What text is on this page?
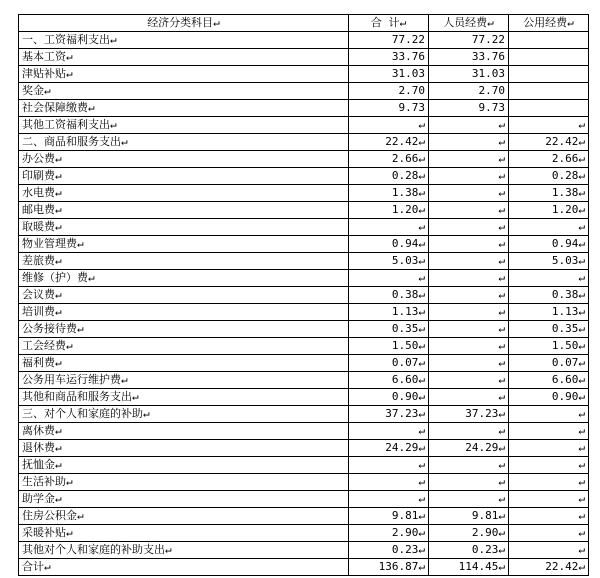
经济分类科目↵	合 计↵	人员经费↵	公用经费↵
一、工资福利支出↵	77.22	77.22	
基本工资↵	33.76	33.76	
津贴补贴↵	31.03	31.03	
奖金↵	2.70	2.70	
社会保障缴费↵	9.73	9.73	
其他工资福利支出↵	↵	↵	↵
二、商品和服务支出↵	22.42↵	↵	22.42↵
办公费↵	2.66↵	↵	2.66↵
印刷费↵	0.28↵	↵	0.28↵
水电费↵	1.38↵	↵	1.38↵
邮电费↵	1.20↵	↵	1.20↵
取暖费↵	↵	↵	↵
物业管理费↵	0.94↵	↵	0.94↵
差旅费↵	5.03↵	↵	5.03↵
维修（护）费↵	↵	↵	↵
会议费↵	0.38↵	↵	0.38↵
培训费↵	1.13↵	↵	1.13↵
公务接待费↵	0.35↵	↵	0.35↵
工会经费↵	1.50↵	↵	1.50↵
福利费↵	0.07↵	↵	0.07↵
公务用车运行维护费↵	6.60↵	↵	6.60↵
其他和商品和服务支出↵	0.90↵	↵	0.90↵
三、对个人和家庭的补助↵	37.23↵	37.23↵	↵
离休费↵	↵	↵	↵
退休费↵	24.29↵	24.29↵	↵
抚恤金↵	↵	↵	↵
生活补助↵	↵	↵	↵
助学金↵	↵	↵	↵
住房公积金↵	9.81↵	9.81↵	↵
采暖补贴↵	2.90↵	2.90↵	↵
其他对个人和家庭的补助支出↵	0.23↵	0.23↵	↵
合计↵	136.87↵	114.45↵	22.42↵
